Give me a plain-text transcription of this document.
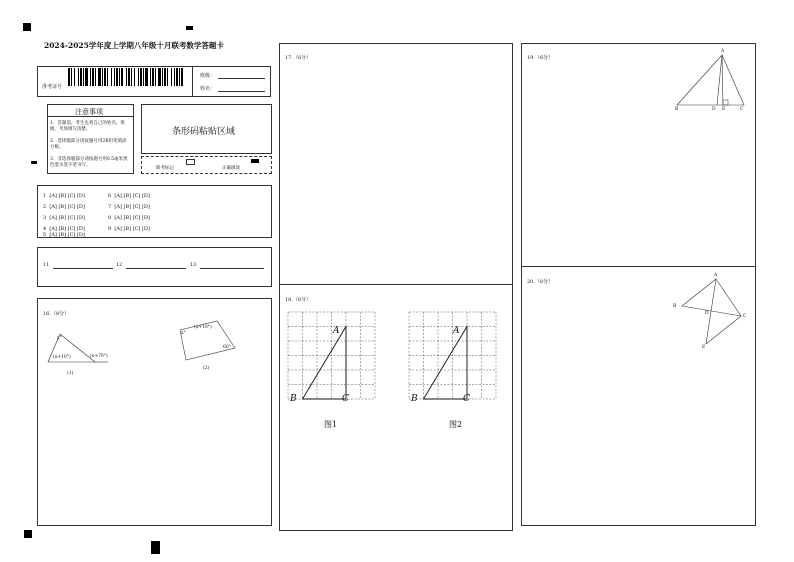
2024-2025学年度上学期八年级十月联考数学答题卡
准考证号
班级：
姓名：
注意事项
1．答题前，考生先将自己的姓名、班级、考场填写清楚。
2．选择题部分请按题号用2B铅笔填涂方框。
3．非选择题部分请按题号用0.5毫米黑色墨水签字笔书写。
条形码粘贴区域
缺考标记	正确填涂
1 [A] [B] [C] [D]
2 [A] [B] [C] [D]
3 [A] [B] [C] [D]
4 [A] [B] [C] [D]
5 [A] [B] [C] [D]
6 [A] [B] [C] [D]
7 [A] [B] [C] [D]
8 [A] [B] [C] [D]
9 [A] [B] [C] [D]
11	12	13
16.（8分）
x°
(x+10°)	(x+70°)
(1)
x°
(x+10°)
60°
(2)
17.（6分）
18.（6分）
A
B	C
A
B	C
图1	图2
19.（6分）
A
B	D E	C
20.（8分）
A
B
D
C
E
